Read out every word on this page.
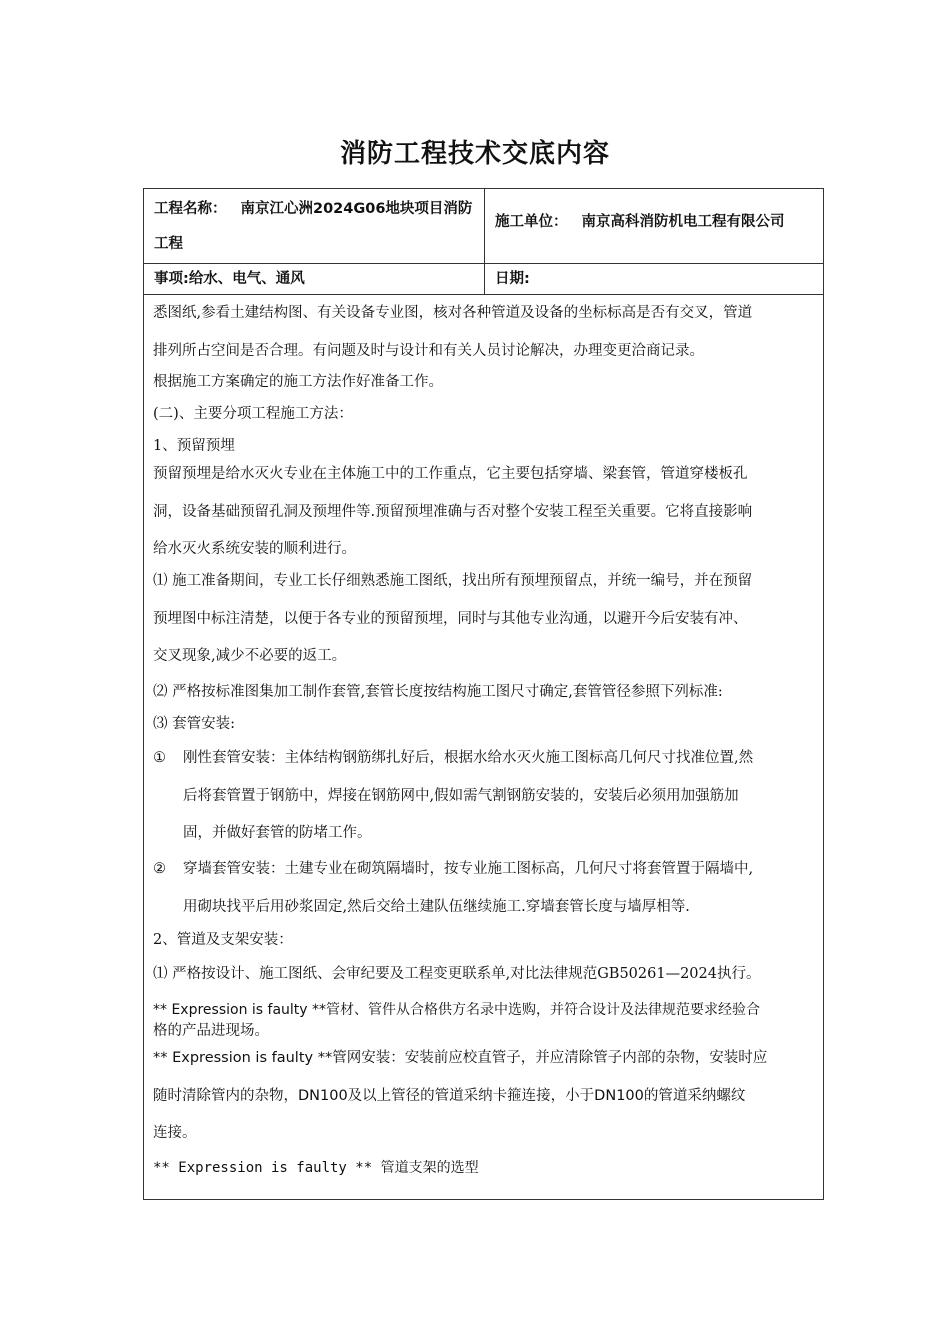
消防工程技术交底内容
工程名称： 南京江心洲2024G06地块项目消防工程
施工单位： 南京高科消防机电工程有限公司
事项:给水、电气、通风	日期:
悉图纸,参看土建结构图、有关设备专业图，核对各种管道及设备的坐标标高是否有交叉，管道
排列所占空间是否合理。有问题及时与设计和有关人员讨论解决，办理变更洽商记录。
根据施工方案确定的施工方法作好准备工作。
(二)、主要分项工程施工方法：
1、预留预埋
预留预埋是给水灭火专业在主体施工中的工作重点，它主要包括穿墙、梁套管，管道穿楼板孔
洞，设备基础预留孔洞及预埋件等.预留预埋准确与否对整个安装工程至关重要。它将直接影响
给水灭火系统安装的顺利进行。
⑴ 施工准备期间，专业工长仔细熟悉施工图纸，找出所有预埋预留点，并统一编号，并在预留
预埋图中标注清楚，以便于各专业的预留预埋，同时与其他专业沟通，以避开今后安装有冲、
交叉现象,减少不必要的返工。
⑵ 严格按标准图集加工制作套管,套管长度按结构施工图尺寸确定,套管管径参照下列标准:
⑶ 套管安装:
① 刚性套管安装：主体结构钢筋绑扎好后，根据水给水灭火施工图标高几何尺寸找准位置,然
后将套管置于钢筋中，焊接在钢筋网中,假如需气割钢筋安装的，安装后必须用加强筋加
固，并做好套管的防堵工作。
② 穿墙套管安装：土建专业在砌筑隔墙时，按专业施工图标高，几何尺寸将套管置于隔墙中,
用砌块找平后用砂浆固定,然后交给土建队伍继续施工.穿墙套管长度与墙厚相等.
2、管道及支架安装：
⑴ 严格按设计、施工图纸、会审纪要及工程变更联系单,对比法律规范GB50261—2024执行。
** Expression is faulty **管材、管件从合格供方名录中选购，并符合设计及法律规范要求经验合
格的产品进现场。
** Expression is faulty **管网安装：安装前应校直管子，并应清除管子内部的杂物，安装时应
随时清除管内的杂物，DN100及以上管径的管道采纳卡箍连接，小于DN100的管道采纳螺纹
连接。
** Expression is faulty ** 管道支架的选型
